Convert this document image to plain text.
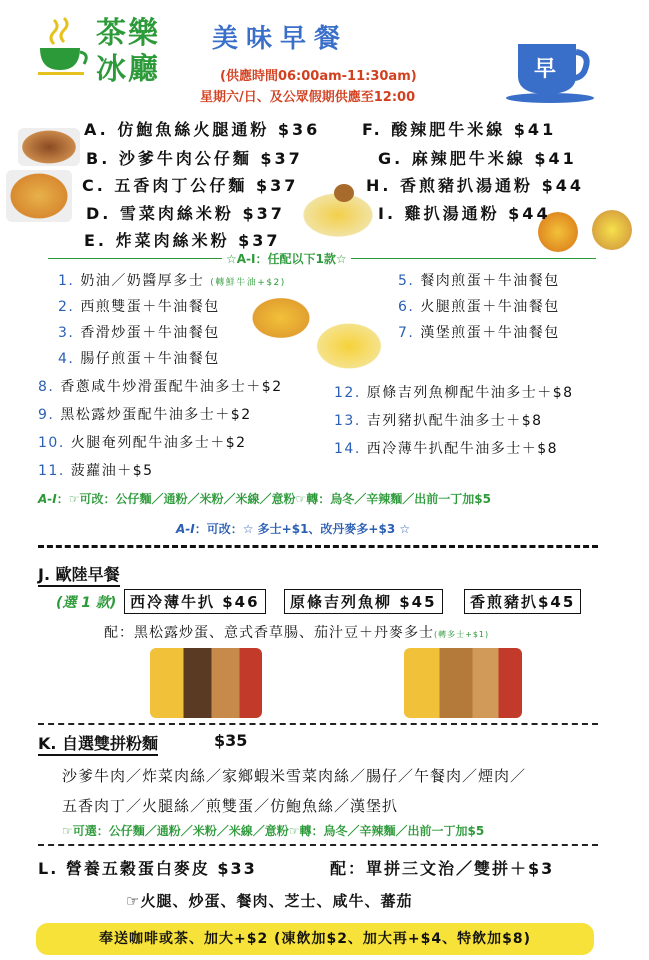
茶樂
冰廳
美味早餐
(供應時間06:00am-11:30am)
星期六/日、及公眾假期供應至12:00
早
A. 仿鮑魚絲火腿通粉 $36
B. 沙爹牛肉公仔麵 $37
C. 五香肉丁公仔麵 $37
D. 雪菜肉絲米粉 $37
E. 炸菜肉絲米粉 $37
F. 酸辣肥牛米線 $41
G. 麻辣肥牛米線 $41
H. 香煎豬扒湯通粉 $44
I. 雞扒湯通粉 $44
☆A-I：任配以下1款☆
1. 奶油／奶醬厚多士 (轉鮮牛油+$2)
2. 西煎雙蛋＋牛油餐包
3. 香滑炒蛋＋牛油餐包
4. 腸仔煎蛋＋牛油餐包
5. 餐肉煎蛋＋牛油餐包
6. 火腿煎蛋＋牛油餐包
7. 漢堡煎蛋＋牛油餐包
8. 香蔥咸牛炒滑蛋配牛油多士＋$2
9. 黑松露炒蛋配牛油多士＋$2
10. 火腿奄列配牛油多士＋$2
11. 菠蘿油＋$5
12. 原條吉列魚柳配牛油多士＋$8
13. 吉列豬扒配牛油多士＋$8
14. 西冷薄牛扒配牛油多士＋$8
A-I：☞可改：公仔麵／通粉／米粉／米線／意粉☞轉：烏冬／辛辣麵／出前一丁加$5
A-I：可改：☆ 多士+$1、改丹麥多+$3 ☆
J. 歐陸早餐
(選 1 款) 西冷薄牛扒 $46	原條吉列魚柳 $45	香煎豬扒$45
配：黑松露炒蛋、意式香草腸、茄汁豆＋丹麥多士(轉多士+$1)
K. 自選雙拼粉麵	$35
沙爹牛肉／炸菜肉絲／家鄉蝦米雪菜肉絲／腸仔／午餐肉／煙肉／
五香肉丁／火腿絲／煎雙蛋／仿鮑魚絲／漢堡扒
☞可選：公仔麵／通粉／米粉／米線／意粉☞轉：烏冬／辛辣麵／出前一丁加$5
L. 營養五穀蛋白麥皮 $33	配：單拼三文治／雙拼＋$3
☞火腿、炒蛋、餐肉、芝士、咸牛、蕃茄
奉送咖啡或茶、加大+$2 (凍飲加$2、加大再+$4、特飲加$8)
